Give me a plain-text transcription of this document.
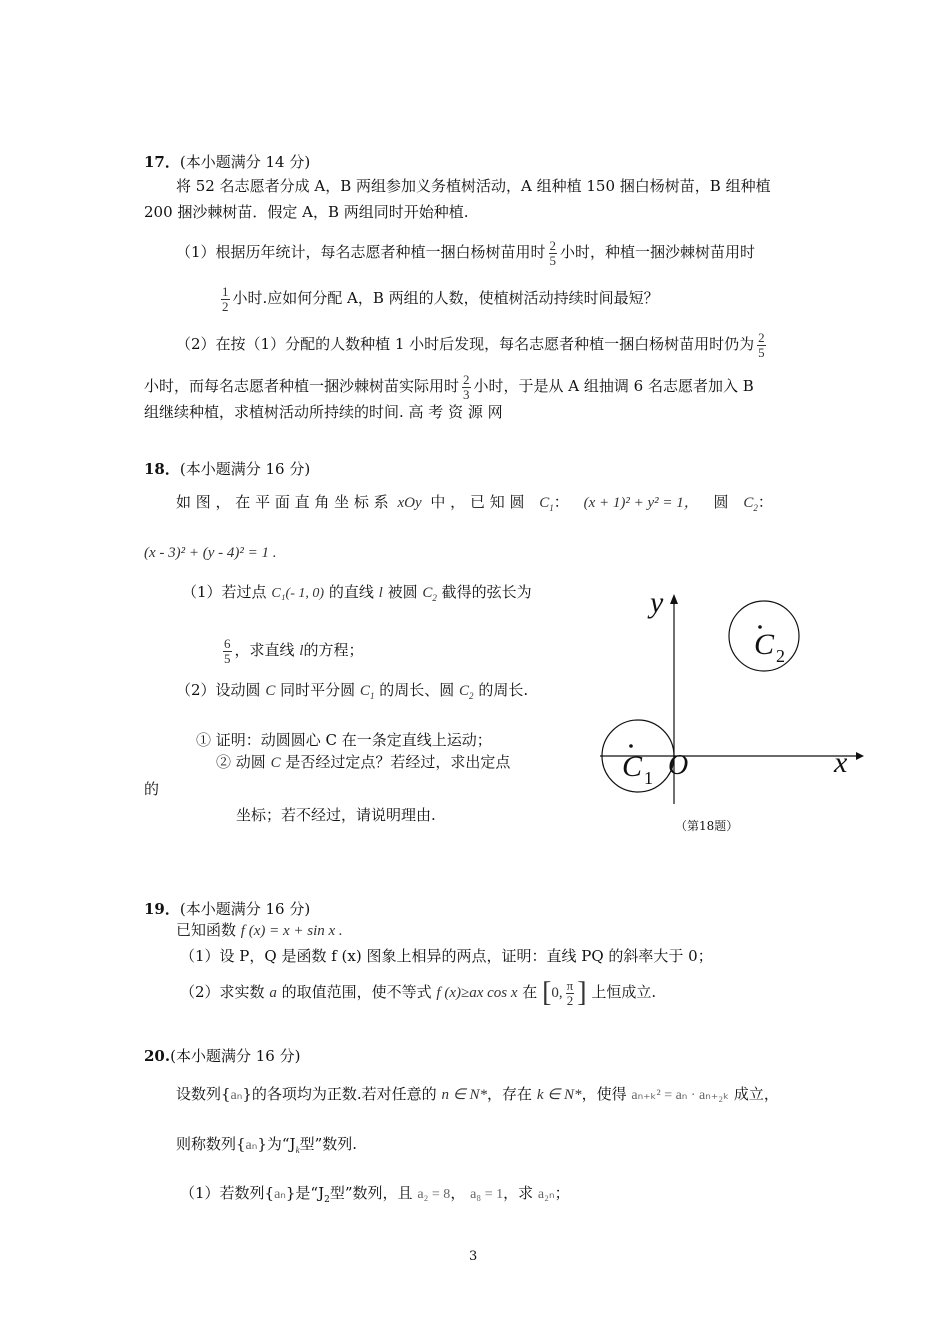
17．(本小题满分 14 分)
将 52 名志愿者分成 A，B 两组参加义务植树活动，A 组种植 150 捆白杨树苗，B 组种植
200 捆沙棘树苗．假定 A，B 两组同时开始种植.
（1）根据历年统计，每名志愿者种植一捆白杨树苗用时 $\frac{2}{5}$ 小时，种植一捆沙棘树苗用时
$\frac{1}{2}$ 小时.应如何分配 A，B 两组的人数，使植树活动持续时间最短？
（2）在按（1）分配的人数种植 1 小时后发现，每名志愿者种植一捆白杨树苗用时仍为 $\frac{2}{5}$
小时，而每名志愿者种植一捆沙棘树苗实际用时 $\frac{2}{3}$ 小时，于是从 A 组抽调 6 名志愿者加入 B
组继续种植，求植树活动所持续的时间. 高 考 资 源 网
18．(本小题满分 16 分)
如 图 ， 在 平 面 直 角 坐 标 系 xOy 中 ， 已 知 圆 $C_1$： (x + 1)² + y² = 1， 圆 $C_2$：
(x - 3)² + (y - 4)² = 1 .
（1）若过点 C₁(- 1, 0) 的直线 l 被圆 $C_2$ 截得的弦长为
$\frac{6}{5}$ ，求直线 l的方程；
（2）设动圆 C 同时平分圆 $C_1$ 的周长、圆 $C_2$ 的周长.
① 证明：动圆圆心 C 在一条定直线上运动；
② 动圆 C 是否经过定点？若经过，求出定点
的
坐标；若不经过，请说明理由.
y
x
O
C 1
C 2
（第18题）
19．(本小题满分 16 分)
已知函数 f (x) = x + sin x .
（1）设 P，Q 是函数 f (x) 图象上相异的两点，证明：直线 PQ 的斜率大于 0；
（2）求实数 a 的取值范围，使不等式 f (x)≥ax cos x 在 [0, $\frac{\pi}{2}$ ] 上恒成立.
20.(本小题满分 16 分)
设数列{aₙ}的各项均为正数.若对任意的 n ∈ N*，存在 k ∈ N*，使得 aₙ₊ₖ² = aₙ · aₙ₊₂ₖ 成立，
则称数列{aₙ}为“$J_k$型”数列.
（1）若数列{aₙ}是“$J_2$型”数列，且 a₂ = 8， a₈ = 1，求 a₂ₙ；
3
